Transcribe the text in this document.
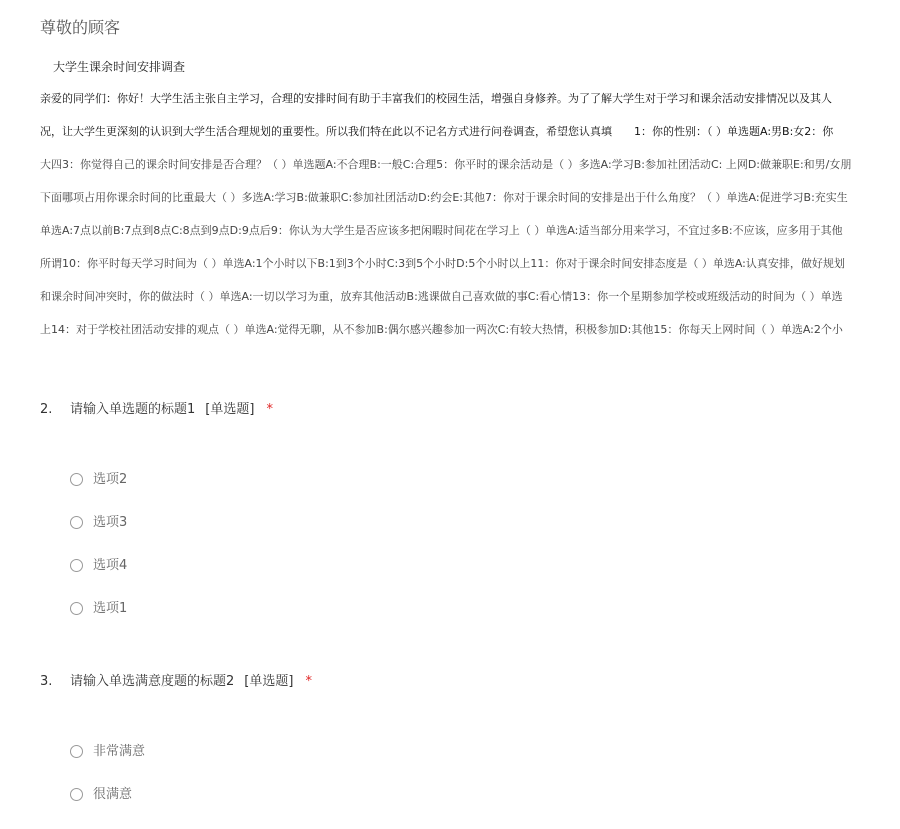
尊敬的顾客
大学生课余时间安排调查
亲爱的同学们：你好！大学生活主张自主学习，合理的安排时间有助于丰富我们的校园生活，增强自身修养。为了了解大学生对于学习和课余活动安排情况以及其人
况，让大学生更深刻的认识到大学生活合理规划的重要性。所以我们特在此以不记名方式进行问卷调查，希望您认真填　　1：你的性别：（ ）单选题A:男B:女2：你
大四3：你觉得自己的课余时间安排是否合理？（ ）单选题A:不合理B:一般C:合理5：你平时的课余活动是（ ）多选A:学习B:参加社团活动C: 上网D:做兼职E:和男/女朋
下面哪项占用你课余时间的比重最大（ ）多选A:学习B:做兼职C:参加社团活动D:约会E:其他7：你对于课余时间的安排是出于什么角度？（ ）单选A:促进学习B:充实生
单选A:7点以前B:7点到8点C:8点到9点D:9点后9：你认为大学生是否应该多把闲暇时间花在学习上（ ）单选A:适当部分用来学习，不宜过多B:不应该，应多用于其他
所谓10：你平时每天学习时间为（ ）单选A:1个小时以下B:1到3个小时C:3到5个小时D:5个小时以上11：你对于课余时间安排态度是（ ）单选A:认真安排，做好规划
和课余时间冲突时，你的做法时（ ）单选A:一切以学习为重，放弃其他活动B:逃课做自己喜欢做的事C:看心情13：你一个星期参加学校或班级活动的时间为（ ）单选
上14：对于学校社团活动安排的观点（ ）单选A:觉得无聊，从不参加B:偶尔感兴趣参加一两次C:有较大热情，积极参加D:其他15：你每天上网时间（ ）单选A:2个小
2. 请输入单选题的标题1 [单选题] *
选项2
选项3
选项4
选项1
3. 请输入单选满意度题的标题2 [单选题] *
非常满意
很满意
